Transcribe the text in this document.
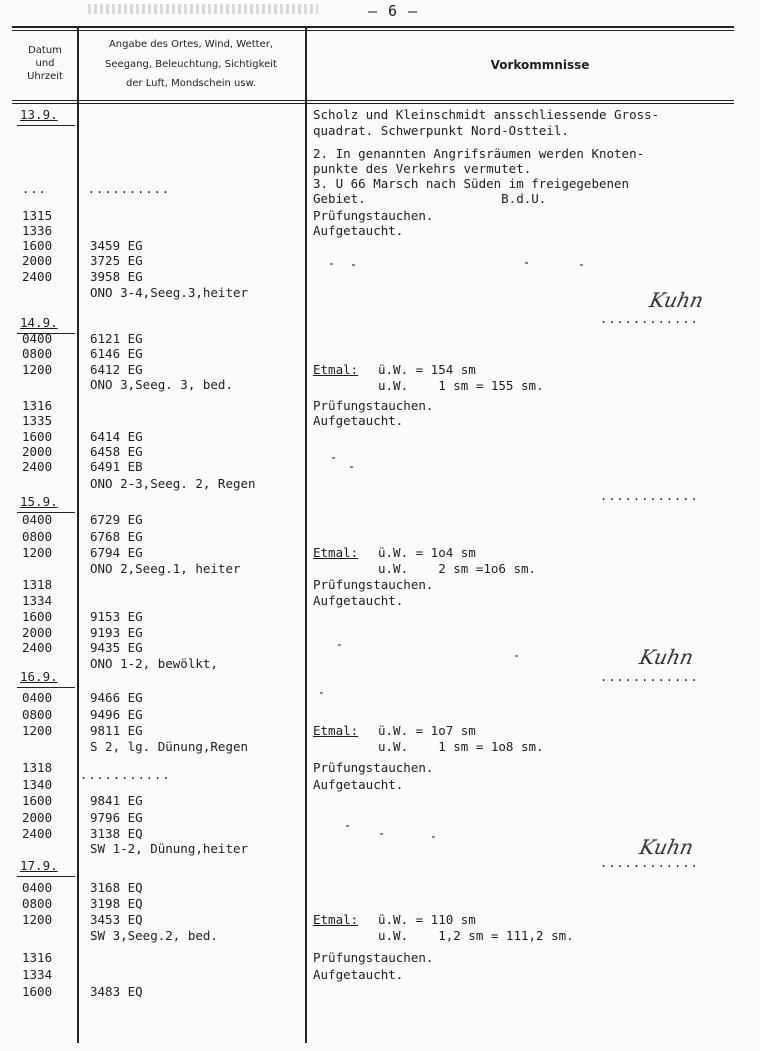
– 6 –
Datum
und
Uhrzeit
Angabe des Ortes, Wind, Wetter,
Seegang, Beleuchtung, Sichtigkeit
der Luft, Mondschein usw.
Vorkommnisse
13.9.
14.9.
15.9.
16.9.
17.9.
1315
1336
1600
2000
2400
0400
0800
1200
1316
1335
1600
2000
2400
0400
0800
1200
1318
1334
1600
2000
2400
0400
0800
1200
1318
1340
1600
2000
2400
0400
0800
1200
1316
1334
1600
3459 EG
3725 EG
3958 EG
ONO 3-4,Seeg.3,heiter
6121 EG
6146 EG
6412 EG
ONO 3,Seeg. 3, bed.
6414 EG
6458 EG
6491 EB
ONO 2-3,Seeg. 2, Regen
6729 EG
6768 EG
6794 EG
ONO 2,Seeg.1, heiter
9153 EG
9193 EG
9435 EG
ONO 1-2, bewölkt,
9466 EG
9496 EG
9811 EG
S 2, lg. Dünung,Regen
9841 EG
9796 EG
3138 EQ
SW 1-2, Dünung,heiter
3168 EQ
3198 EQ
3453 EQ
SW 3,Seeg.2, bed.
3483 EQ
Scholz und Kleinschmidt ansschliessende Gross-
quadrat. Schwerpunkt Nord-Ostteil.
2. In genannten Angrifsräumen werden Knoten-
punkte des Verkehrs vermutet.
3. U 66 Marsch nach Süden im freigegebenen
Gebiet.                  B.d.U.
Prüfungstauchen.
Aufgetaucht.
Prüfungstauchen.
Aufgetaucht.
Prüfungstauchen.
Aufgetaucht.
Prüfungstauchen.
Aufgetaucht.
Prüfungstauchen.
Aufgetaucht.
Etmal: ü.W. = 154 sm
u.W.    1 sm = 155 sm.
Etmal: ü.W. = 1o4 sm
u.W.    2 sm =1o6 sm.
Etmal: ü.W. = 1o7 sm
u.W.    1 sm = 1o8 sm.
Etmal: ü.W. = 110 sm
u.W.    1,2 sm = 111,2 sm.
Kuhn
Kuhn
Kuhn
...     ..........
...........
............
............
............
............
